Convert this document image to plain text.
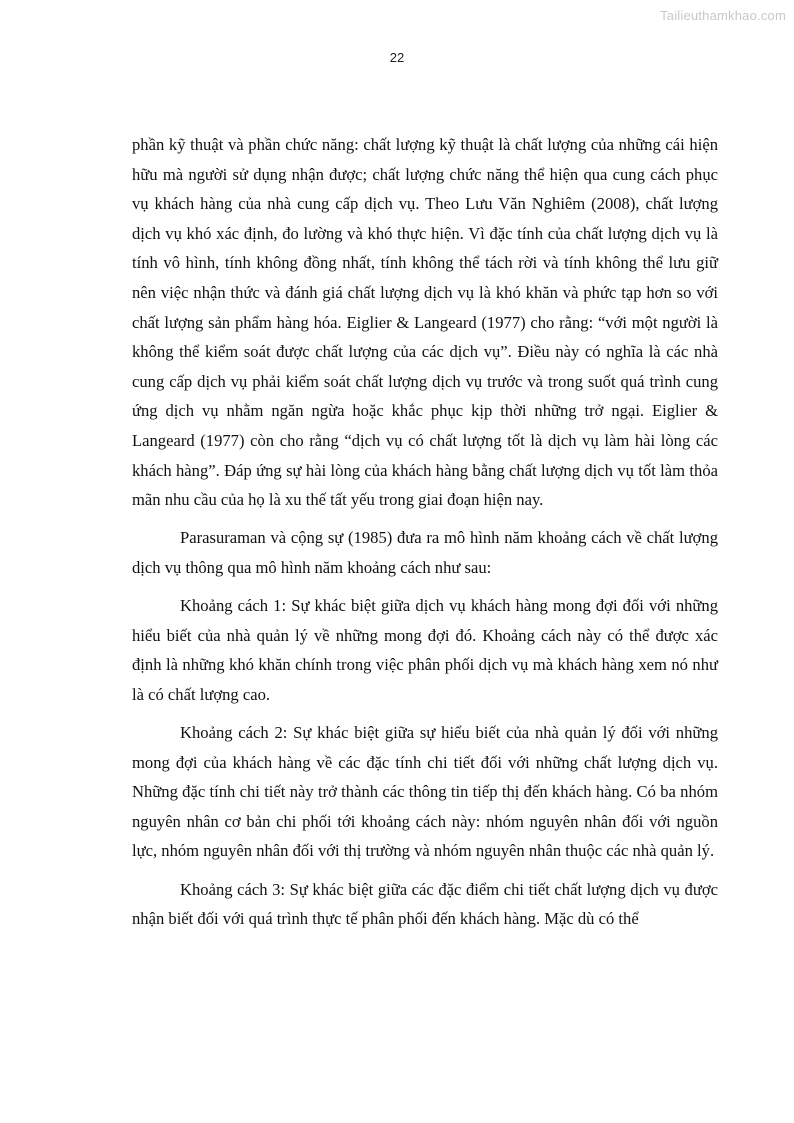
Tailieuthamkhao.com
22

phần kỹ thuật và phần chức năng: chất lượng kỹ thuật là chất lượng của những cái hiện hữu mà người sử dụng nhận được; chất lượng chức năng thể hiện qua cung cách phục vụ khách hàng của nhà cung cấp dịch vụ. Theo Lưu Văn Nghiêm (2008), chất lượng dịch vụ khó xác định, đo lường và khó thực hiện. Vì đặc tính của chất lượng dịch vụ là tính vô hình, tính không đồng nhất, tính không thể tách rời và tính không thể lưu giữ nên việc nhận thức và đánh giá chất lượng dịch vụ là khó khăn và phức tạp hơn so với chất lượng sản phẩm hàng hóa. Eiglier & Langeard (1977) cho rằng: “với một người là không thể kiểm soát được chất lượng của các dịch vụ”. Điều này có nghĩa là các nhà cung cấp dịch vụ phải kiểm soát chất lượng dịch vụ trước và trong suốt quá trình cung ứng dịch vụ nhằm ngăn ngừa hoặc khắc phục kịp thời những trở ngại. Eiglier & Langeard (1977) còn cho rằng “dịch vụ có chất lượng tốt là dịch vụ làm hài lòng các khách hàng”. Đáp ứng sự hài lòng của khách hàng bằng chất lượng dịch vụ tốt làm thỏa mãn nhu cầu của họ là xu thế tất yếu trong giai đoạn hiện nay.

Parasuraman và cộng sự (1985) đưa ra mô hình năm khoảng cách về chất lượng dịch vụ thông qua mô hình năm khoảng cách như sau:

Khoảng cách 1: Sự khác biệt giữa dịch vụ khách hàng mong đợi đối với những hiểu biết của nhà quản lý về những mong đợi đó. Khoảng cách này có thể được xác định là những khó khăn chính trong việc phân phối dịch vụ mà khách hàng xem nó như là có chất lượng cao.

Khoảng cách 2: Sự khác biệt giữa sự hiểu biết của nhà quản lý đối với những mong đợi của khách hàng về các đặc tính chi tiết đối với những chất lượng dịch vụ. Những đặc tính chi tiết này trở thành các thông tin tiếp thị đến khách hàng. Có ba nhóm nguyên nhân cơ bản chi phối tới khoảng cách này: nhóm nguyên nhân đối với nguồn lực, nhóm nguyên nhân đối với thị trường và nhóm nguyên nhân thuộc các nhà quản lý.

Khoảng cách 3: Sự khác biệt giữa các đặc điểm chi tiết chất lượng dịch vụ được nhận biết đối với quá trình thực tế phân phối đến khách hàng. Mặc dù có thể
